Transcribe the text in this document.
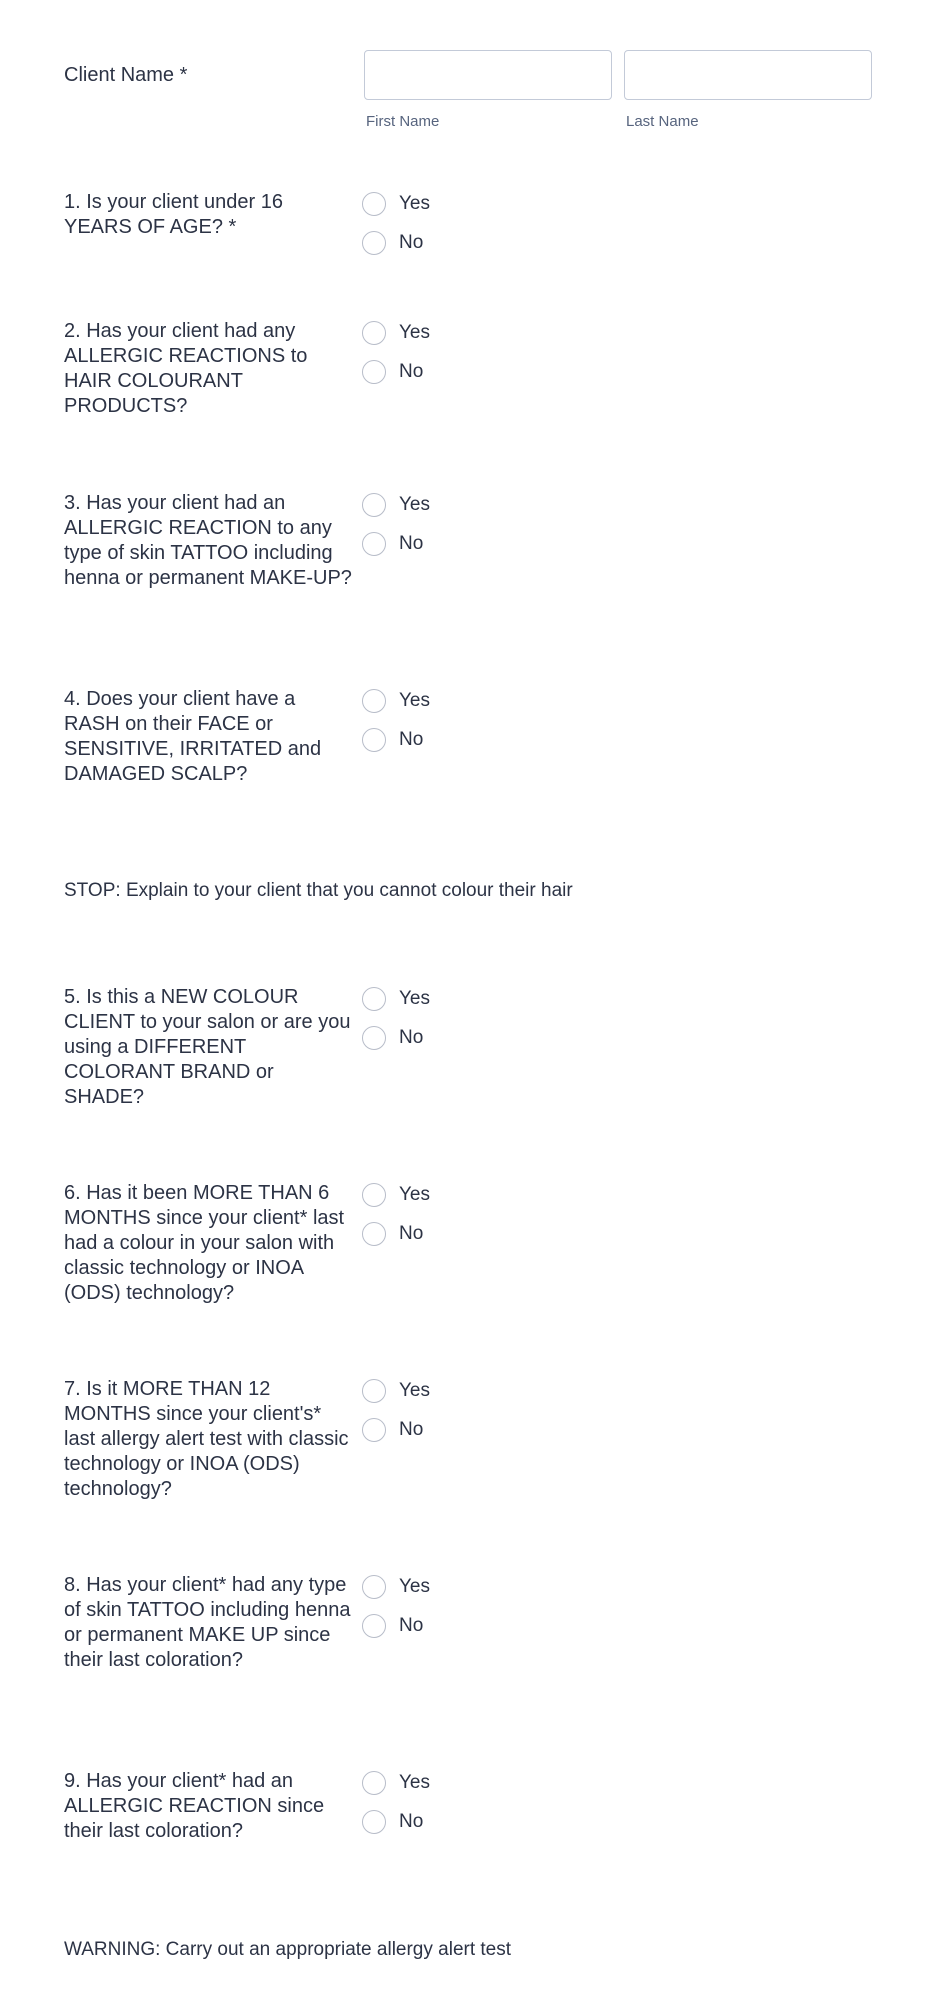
Client Name *
First Name	Last Name
1. Is your client under 16 YEARS OF AGE? *
Yes
No
2. Has your client had any ALLERGIC REACTIONS to HAIR COLOURANT PRODUCTS?
Yes
No
3. Has your client had an ALLERGIC REACTION to any type of skin TATTOO including henna or permanent MAKE-UP?
Yes
No
4. Does your client have a RASH on their FACE or SENSITIVE, IRRITATED and DAMAGED SCALP?
Yes
No
STOP: Explain to your client that you cannot colour their hair
5. Is this a NEW COLOUR CLIENT to your salon or are you using a DIFFERENT COLORANT BRAND or SHADE?
Yes
No
6. Has it been MORE THAN 6 MONTHS since your client* last had a colour in your salon with classic technology or INOA (ODS) technology?
Yes
No
7. Is it MORE THAN 12 MONTHS since your client's* last allergy alert test with classic technology or INOA (ODS) technology?
Yes
No
8. Has your client* had any type of skin TATTOO including henna or permanent MAKE UP since their last coloration?
Yes
No
9. Has your client* had an ALLERGIC REACTION since their last coloration?
Yes
No
WARNING: Carry out an appropriate allergy alert test
